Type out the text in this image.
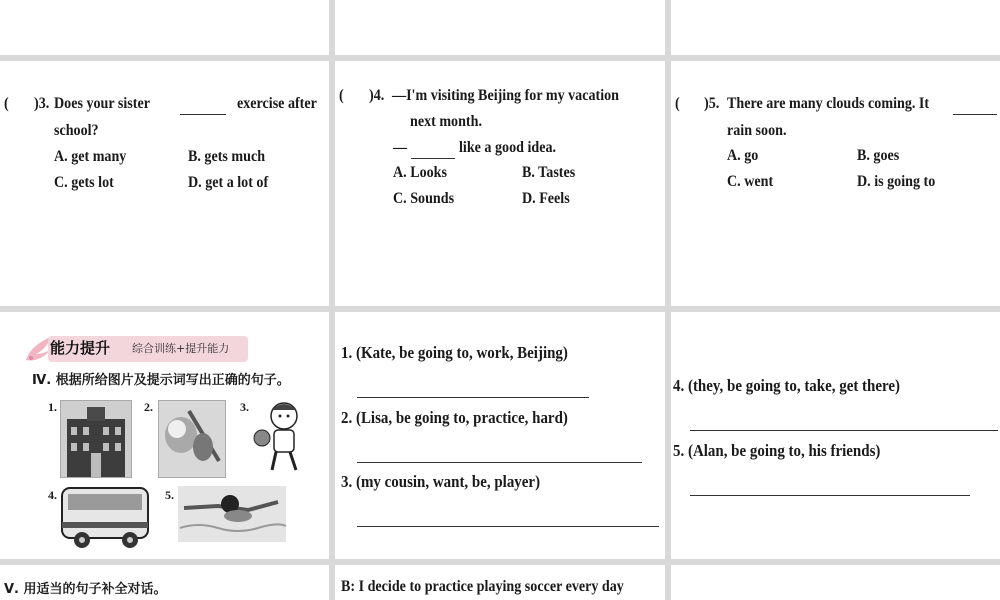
( )3. Does your sister	exercise after
school?
A. get many	B. gets much
C. gets lot	D. get a lot of
( )4. —I'm visiting Beijing for my vacation
next month.
—	like a good idea.
A. Looks	B. Tastes
C. Sounds	D. Feels
( )5. There are many clouds coming. It
rain soon.
A. go	B. goes
C. went	D. is going to
能力提升 综合训练+提升能力
Ⅳ. 根据所给图片及提示词写出正确的句子。
1.	2.	3.
4.	5.
1. (Kate, be going to, work, Beijing)
2. (Lisa, be going to, practice, hard)
3. (my cousin, want, be, player)
4. (they, be going to, take, get there)
5. (Alan, be going to, his friends)
Ⅴ. 用适当的句子补全对话。	B: I decide to practice playing soccer every day
